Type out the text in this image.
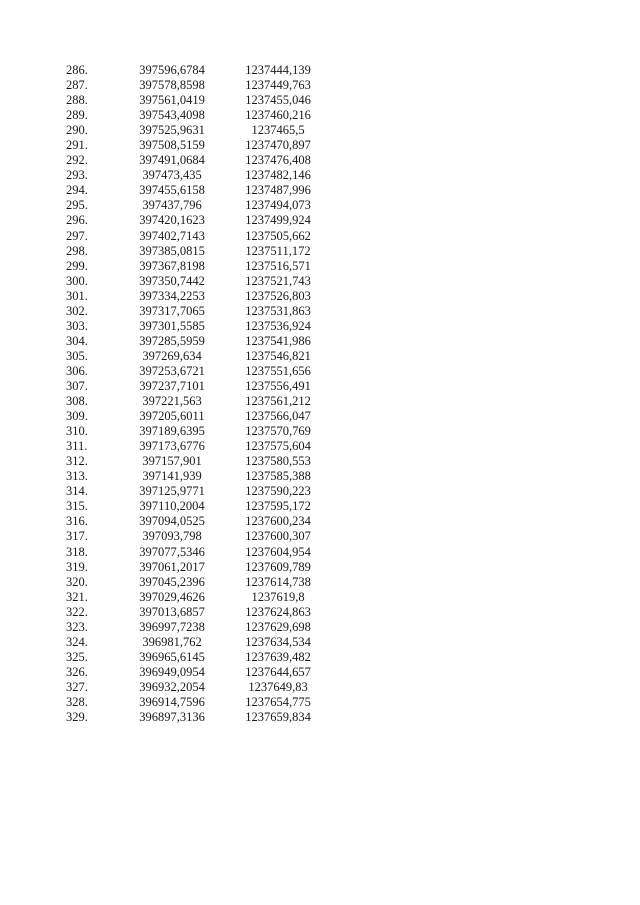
286.	397596,6784	1237444,139
287.	397578,8598	1237449,763
288.	397561,0419	1237455,046
289.	397543,4098	1237460,216
290.	397525,9631	1237465,5
291.	397508,5159	1237470,897
292.	397491,0684	1237476,408
293.	397473,435	1237482,146
294.	397455,6158	1237487,996
295.	397437,796	1237494,073
296.	397420,1623	1237499,924
297.	397402,7143	1237505,662
298.	397385,0815	1237511,172
299.	397367,8198	1237516,571
300.	397350,7442	1237521,743
301.	397334,2253	1237526,803
302.	397317,7065	1237531,863
303.	397301,5585	1237536,924
304.	397285,5959	1237541,986
305.	397269,634	1237546,821
306.	397253,6721	1237551,656
307.	397237,7101	1237556,491
308.	397221,563	1237561,212
309.	397205,6011	1237566,047
310.	397189,6395	1237570,769
311.	397173,6776	1237575,604
312.	397157,901	1237580,553
313.	397141,939	1237585,388
314.	397125,9771	1237590,223
315.	397110,2004	1237595,172
316.	397094,0525	1237600,234
317.	397093,798	1237600,307
318.	397077,5346	1237604,954
319.	397061,2017	1237609,789
320.	397045,2396	1237614,738
321.	397029,4626	1237619,8
322.	397013,6857	1237624,863
323.	396997,7238	1237629,698
324.	396981,762	1237634,534
325.	396965,6145	1237639,482
326.	396949,0954	1237644,657
327.	396932,2054	1237649,83
328.	396914,7596	1237654,775
329.	396897,3136	1237659,834
